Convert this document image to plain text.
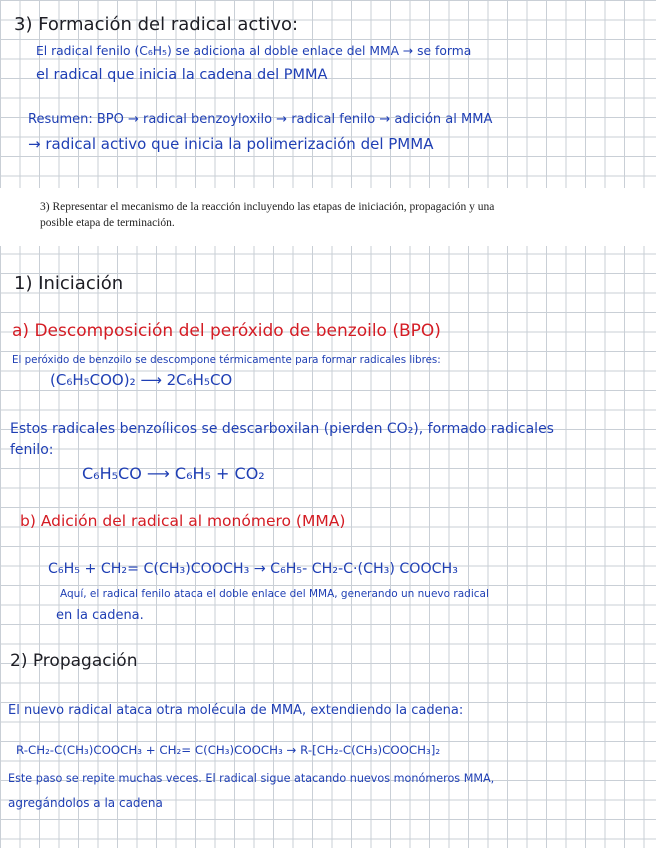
3) Formación del radical activo:
El radical fenilo (C₆H₅) se adiciona al doble enlace del MMA → se forma
el radical que inicia la cadena del PMMA
Resumen: BPO → radical benzoyloxilo → radical fenilo → adición al MMA
→ radical activo que inicia la polimerización del PMMA
3) Representar el mecanismo de la reacción incluyendo las etapas de iniciación, propagación y una
posible etapa de terminación.
1) Iniciación
a) Descomposición del peróxido de benzoilo (BPO)
El peróxido de benzoilo se descompone térmicamente para formar radicales libres:
(C₆H₅COO)₂ ⟶ 2C₆H₅CO
Estos radicales benzoílicos se descarboxilan (pierden CO₂), formado radicales
fenilo:
C₆H₅CO ⟶ C₆H₅ + CO₂
b) Adición del radical al monómero (MMA)
C₆H₅ + CH₂= C(CH₃)COOCH₃ → C₆H₅- CH₂-C·(CH₃) COOCH₃
Aquí, el radical fenilo ataca el doble enlace del MMA, generando un nuevo radical
en la cadena.
2) Propagación
El nuevo radical ataca otra molécula de MMA, extendiendo la cadena:
R-CH₂-C(CH₃)COOCH₃ + CH₂= C(CH₃)COOCH₃ → R-[CH₂-C(CH₃)COOCH₃]₂
Este paso se repite muchas veces. El radical sigue atacando nuevos monómeros MMA,
agregándolos a la cadena
